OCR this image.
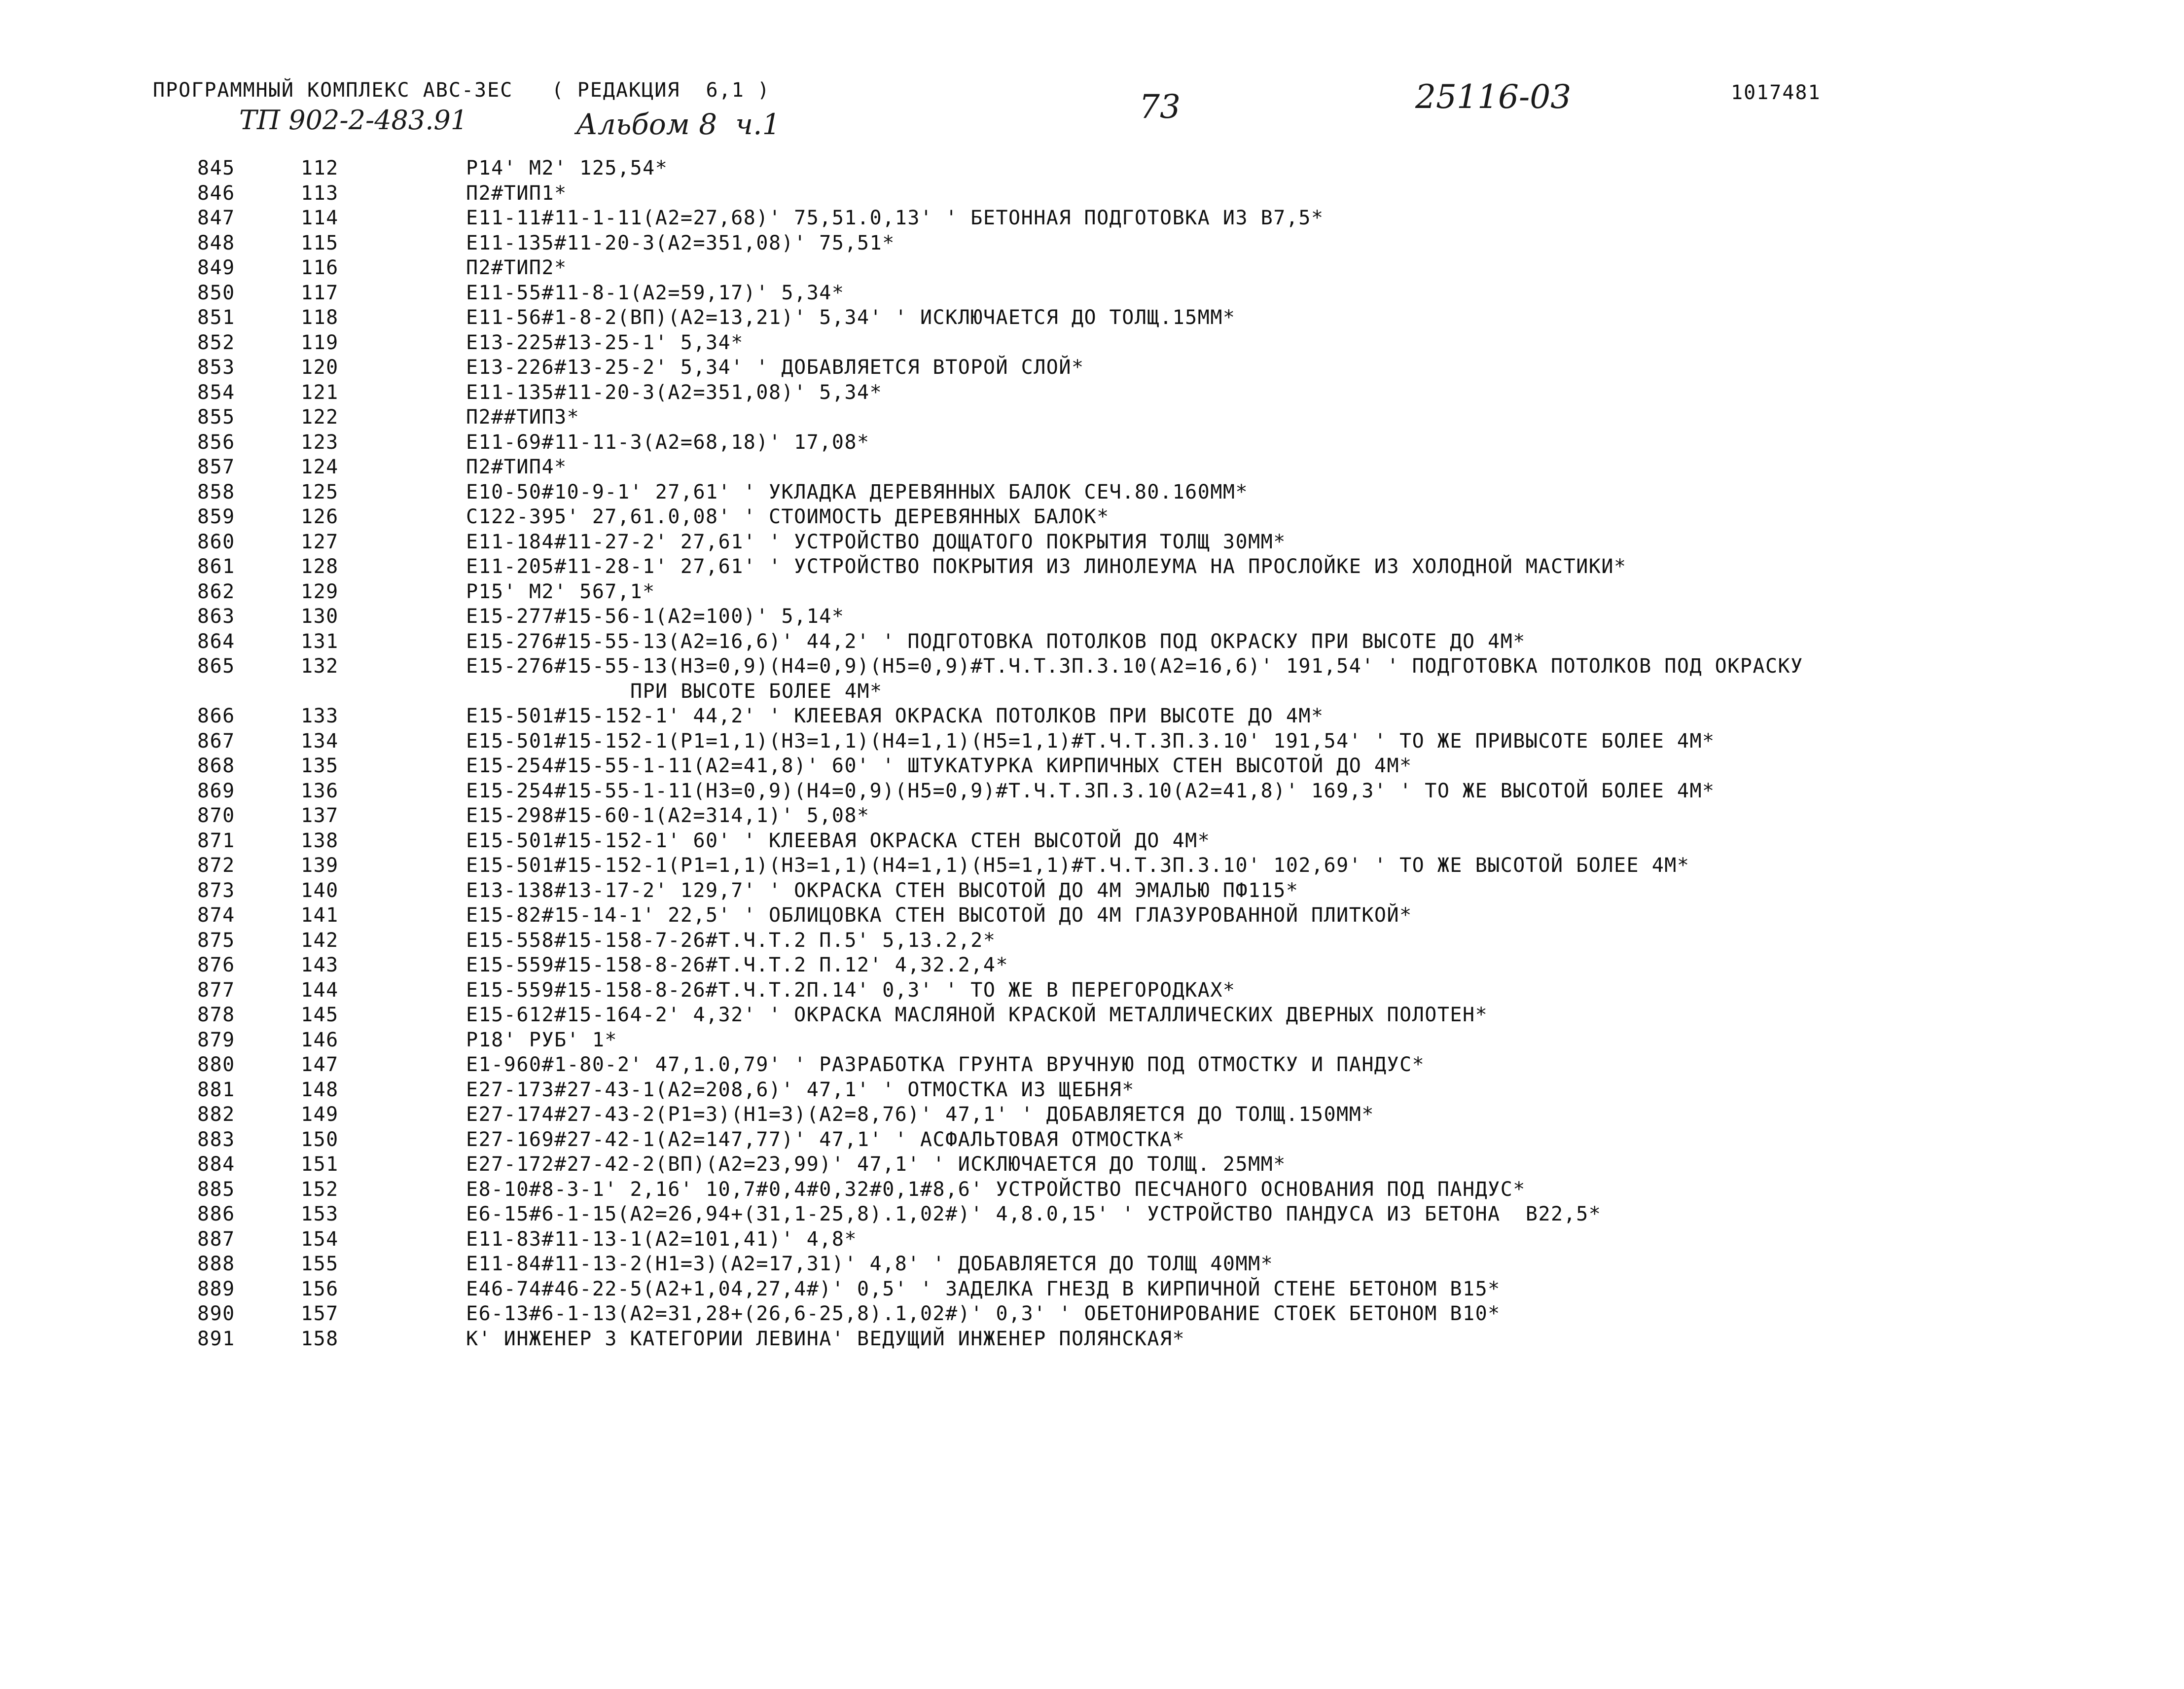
ПРОГРАММНЫЙ КОМПЛЕКС АВС-3ЕС   ( РЕДАКЦИЯ  6,1 )	73	25116-03	1017481
ТП 902-2-483.91	Альбом 8  ч.1
845	112	Р14' М2' 125,54*
846	113	П2#ТИП1*
847	114	Е11-11#11-1-11(А2=27,68)' 75,51.0,13' ' БЕТОННАЯ ПОДГОТОВКА ИЗ В7,5*
848	115	Е11-135#11-20-3(А2=351,08)' 75,51*
849	116	П2#ТИП2*
850	117	Е11-55#11-8-1(А2=59,17)' 5,34*
851	118	Е11-56#1-8-2(ВП)(А2=13,21)' 5,34' ' ИСКЛЮЧАЕТСЯ ДО ТОЛЩ.15ММ*
852	119	Е13-225#13-25-1' 5,34*
853	120	Е13-226#13-25-2' 5,34' ' ДОБАВЛЯЕТСЯ ВТОРОЙ СЛОЙ*
854	121	Е11-135#11-20-3(А2=351,08)' 5,34*
855	122	П2##ТИП3*
856	123	Е11-69#11-11-3(А2=68,18)' 17,08*
857	124	П2#ТИП4*
858	125	Е10-50#10-9-1' 27,61' ' УКЛАДКА ДЕРЕВЯННЫХ БАЛОК СЕЧ.80.160ММ*
859	126	С122-395' 27,61.0,08' ' СТОИМОСТЬ ДЕРЕВЯННЫХ БАЛОК*
860	127	Е11-184#11-27-2' 27,61' ' УСТРОЙСТВО ДОЩАТОГО ПОКРЫТИЯ ТОЛЩ 30ММ*
861	128	Е11-205#11-28-1' 27,61' ' УСТРОЙСТВО ПОКРЫТИЯ ИЗ ЛИНОЛЕУМА НА ПРОСЛОЙКЕ ИЗ ХОЛОДНОЙ МАСТИКИ*
862	129	Р15' М2' 567,1*
863	130	Е15-277#15-56-1(А2=100)' 5,14*
864	131	Е15-276#15-55-13(А2=16,6)' 44,2' ' ПОДГОТОВКА ПОТОЛКОВ ПОД ОКРАСКУ ПРИ ВЫСОТЕ ДО 4М*
865	132	Е15-276#15-55-13(Н3=0,9)(Н4=0,9)(Н5=0,9)#Т.Ч.Т.3П.3.10(А2=16,6)' 191,54' ' ПОДГОТОВКА ПОТОЛКОВ ПОД ОКРАСКУ
ПРИ ВЫСОТЕ БОЛЕЕ 4М*
866	133	Е15-501#15-152-1' 44,2' ' КЛЕЕВАЯ ОКРАСКА ПОТОЛКОВ ПРИ ВЫСОТЕ ДО 4М*
867	134	Е15-501#15-152-1(Р1=1,1)(Н3=1,1)(Н4=1,1)(Н5=1,1)#Т.Ч.Т.3П.3.10' 191,54' ' ТО ЖЕ ПРИВЫСОТЕ БОЛЕЕ 4М*
868	135	Е15-254#15-55-1-11(А2=41,8)' 60' ' ШТУКАТУРКА КИРПИЧНЫХ СТЕН ВЫСОТОЙ ДО 4М*
869	136	Е15-254#15-55-1-11(Н3=0,9)(Н4=0,9)(Н5=0,9)#Т.Ч.Т.3П.3.10(А2=41,8)' 169,3' ' ТО ЖЕ ВЫСОТОЙ БОЛЕЕ 4М*
870	137	Е15-298#15-60-1(А2=314,1)' 5,08*
871	138	Е15-501#15-152-1' 60' ' КЛЕЕВАЯ ОКРАСКА СТЕН ВЫСОТОЙ ДО 4М*
872	139	Е15-501#15-152-1(Р1=1,1)(Н3=1,1)(Н4=1,1)(Н5=1,1)#Т.Ч.Т.3П.3.10' 102,69' ' ТО ЖЕ ВЫСОТОЙ БОЛЕЕ 4М*
873	140	Е13-138#13-17-2' 129,7' ' ОКРАСКА СТЕН ВЫСОТОЙ ДО 4М ЭМАЛЬЮ ПФ115*
874	141	Е15-82#15-14-1' 22,5' ' ОБЛИЦОВКА СТЕН ВЫСОТОЙ ДО 4М ГЛАЗУРОВАННОЙ ПЛИТКОЙ*
875	142	Е15-558#15-158-7-26#Т.Ч.Т.2 П.5' 5,13.2,2*
876	143	Е15-559#15-158-8-26#Т.Ч.Т.2 П.12' 4,32.2,4*
877	144	Е15-559#15-158-8-26#Т.Ч.Т.2П.14' 0,3' ' ТО ЖЕ В ПЕРЕГОРОДКАХ*
878	145	Е15-612#15-164-2' 4,32' ' ОКРАСКА МАСЛЯНОЙ КРАСКОЙ МЕТАЛЛИЧЕСКИХ ДВЕРНЫХ ПОЛОТЕН*
879	146	Р18' РУБ' 1*
880	147	Е1-960#1-80-2' 47,1.0,79' ' РАЗРАБОТКА ГРУНТА ВРУЧНУЮ ПОД ОТМОСТКУ И ПАНДУС*
881	148	Е27-173#27-43-1(А2=208,6)' 47,1' ' ОТМОСТКА ИЗ ЩЕБНЯ*
882	149	Е27-174#27-43-2(Р1=3)(Н1=3)(А2=8,76)' 47,1' ' ДОБАВЛЯЕТСЯ ДО ТОЛЩ.150ММ*
883	150	Е27-169#27-42-1(А2=147,77)' 47,1' ' АСФАЛЬТОВАЯ ОТМОСТКА*
884	151	Е27-172#27-42-2(ВП)(А2=23,99)' 47,1' ' ИСКЛЮЧАЕТСЯ ДО ТОЛЩ. 25ММ*
885	152	Е8-10#8-3-1' 2,16' 10,7#0,4#0,32#0,1#8,6' УСТРОЙСТВО ПЕСЧАНОГО ОСНОВАНИЯ ПОД ПАНДУС*
886	153	Е6-15#6-1-15(А2=26,94+(31,1-25,8).1,02#)' 4,8.0,15' ' УСТРОЙСТВО ПАНДУСА ИЗ БЕТОНА  В22,5*
887	154	Е11-83#11-13-1(А2=101,41)' 4,8*
888	155	Е11-84#11-13-2(Н1=3)(А2=17,31)' 4,8' ' ДОБАВЛЯЕТСЯ ДО ТОЛЩ 40ММ*
889	156	Е46-74#46-22-5(А2+1,04,27,4#)' 0,5' ' ЗАДЕЛКА ГНЕЗД В КИРПИЧНОЙ СТЕНЕ БЕТОНОМ В15*
890	157	Е6-13#6-1-13(А2=31,28+(26,6-25,8).1,02#)' 0,3' ' ОБЕТОНИРОВАНИЕ СТОЕК БЕТОНОМ В10*
891	158	К' ИНЖЕНЕР 3 КАТЕГОРИИ ЛЕВИНА' ВЕДУЩИЙ ИНЖЕНЕР ПОЛЯНСКАЯ*
